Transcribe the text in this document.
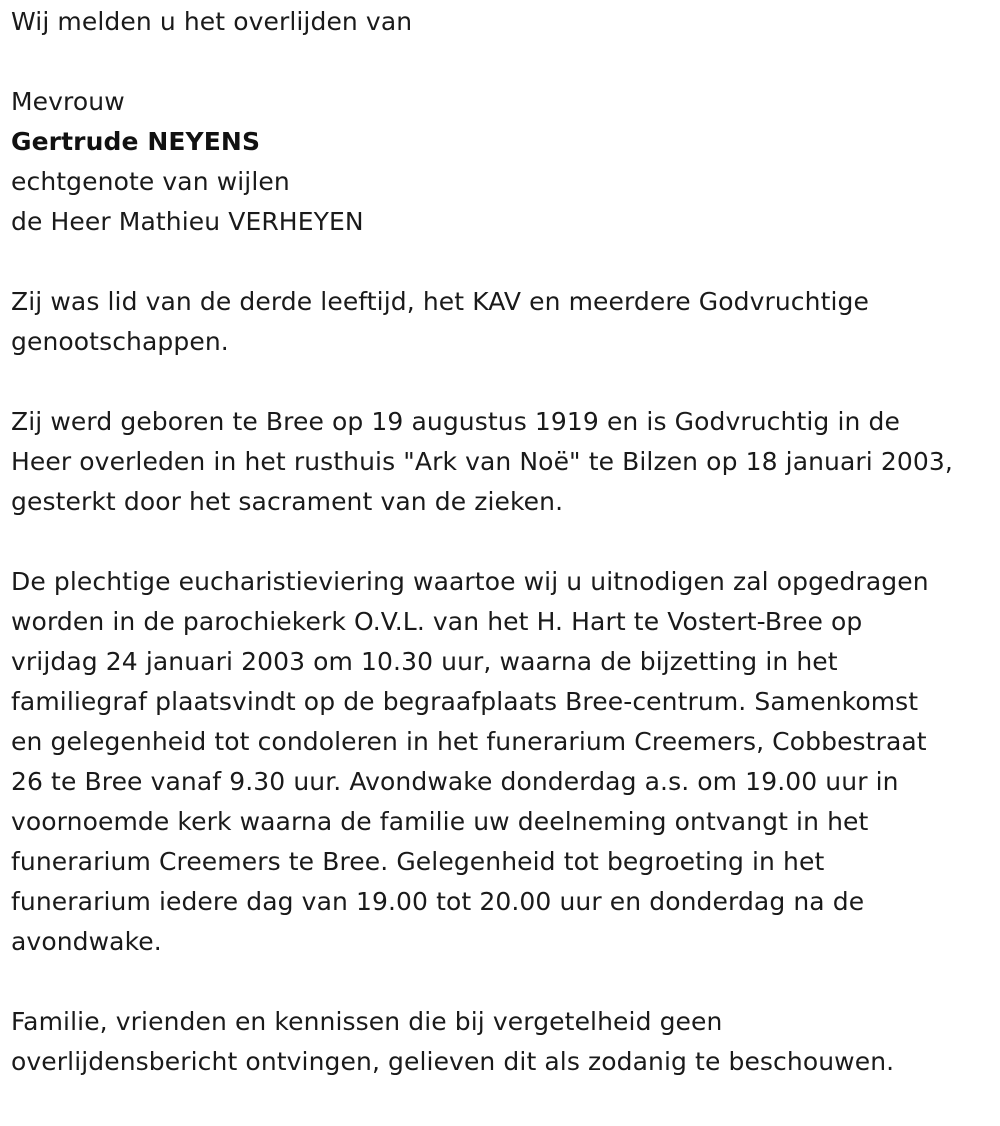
Wij melden u het overlijden van
Mevrouw
Gertrude NEYENS
echtgenote van wijlen
de Heer Mathieu VERHEYEN
Zij was lid van de derde leeftijd, het KAV en meerdere Godvruchtige
genootschappen.
Zij werd geboren te Bree op 19 augustus 1919 en is Godvruchtig in de
Heer overleden in het rusthuis "Ark van Noë" te Bilzen op 18 januari 2003,
gesterkt door het sacrament van de zieken.
De plechtige eucharistieviering waartoe wij u uitnodigen zal opgedragen
worden in de parochiekerk O.V.L. van het H. Hart te Vostert-Bree op
vrijdag 24 januari 2003 om 10.30 uur, waarna de bijzetting in het
familiegraf plaatsvindt op de begraafplaats Bree-centrum. Samenkomst
en gelegenheid tot condoleren in het funerarium Creemers, Cobbestraat
26 te Bree vanaf 9.30 uur. Avondwake donderdag a.s. om 19.00 uur in
voornoemde kerk waarna de familie uw deelneming ontvangt in het
funerarium Creemers te Bree. Gelegenheid tot begroeting in het
funerarium iedere dag van 19.00 tot 20.00 uur en donderdag na de
avondwake.
Familie, vrienden en kennissen die bij vergetelheid geen
overlijdensbericht ontvingen, gelieven dit als zodanig te beschouwen.
